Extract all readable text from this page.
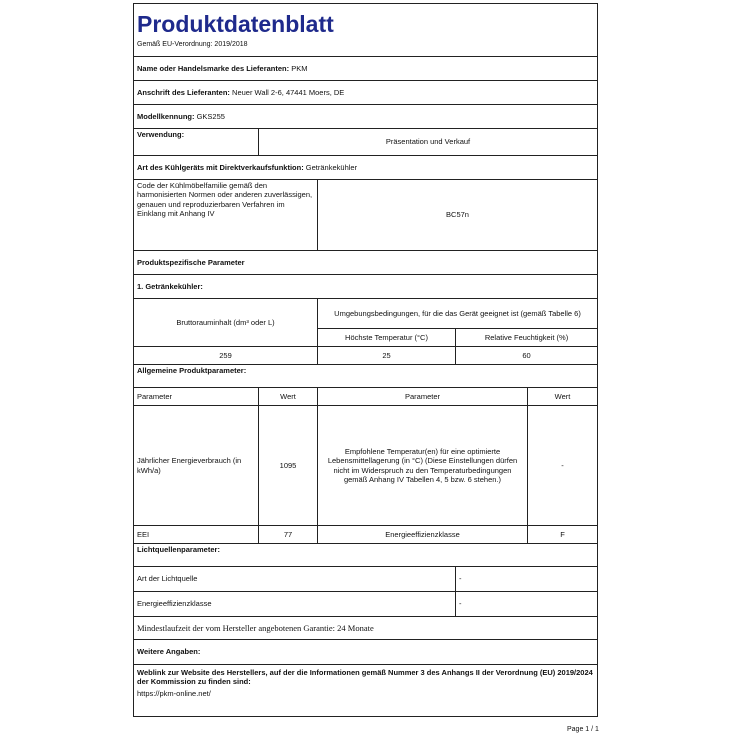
Produktdatenblatt
Gemäß EU-Verordnung: 2019/2018				

Name oder Handelsmarke des Lieferanten: PKM				
Anschrift des Lieferanten: Neuer Wall 2-6, 47441 Moers, DE				
Modellkennung: GKS255				
Verwendung:	Präsentation und Verkauf			
Art des Kühlgeräts mit Direktverkaufsfunktion: Getränkekühler				
Code der Kühlmöbelfamilie gemäß den harmonisierten Normen oder anderen zuverlässigen, genauen und reproduzierbaren Verfahren im Einklang mit Anhang IV		BC57n		
Produktspezifische Parameter				
1. Getränkekühler:				
Bruttorauminhalt (dm³ oder L)		Umgebungsbedingungen, für die das Gerät geeignet ist (gemäß Tabelle 6)		
		Höchste Temperatur (°C)	Relative Feuchtigkeit (%)	
259		25	60	
Allgemeine Produktparameter:				
Parameter	Wert	Parameter		Wert
Jährlicher Energieverbrauch (in kWh/a)	1095	Empfohlene Temperatur(en) für eine optimierte Lebensmittellagerung (in °C) (Diese Einstellungen dürfen nicht im Widerspruch zu den Temperaturbedingungen gemäß Anhang IV Tabellen 4, 5 bzw. 6 stehen.)		-
EEI	77	Energieeffizienzklasse		F
Lichtquellenparameter:				
Art der Lichtquelle			-	
Energieeffizienzklasse			-	
Mindestlaufzeit der vom Hersteller angebotenen Garantie: 24 Monate				
Weitere Angaben:				

Weblink zur Website des Herstellers, auf der die Informationen gemäß Nummer 3 des Anhangs II der Verordnung (EU) 2019/2024 der Kommission zu finden sind:
https://pkm-online.net/				
Page 1 / 1
